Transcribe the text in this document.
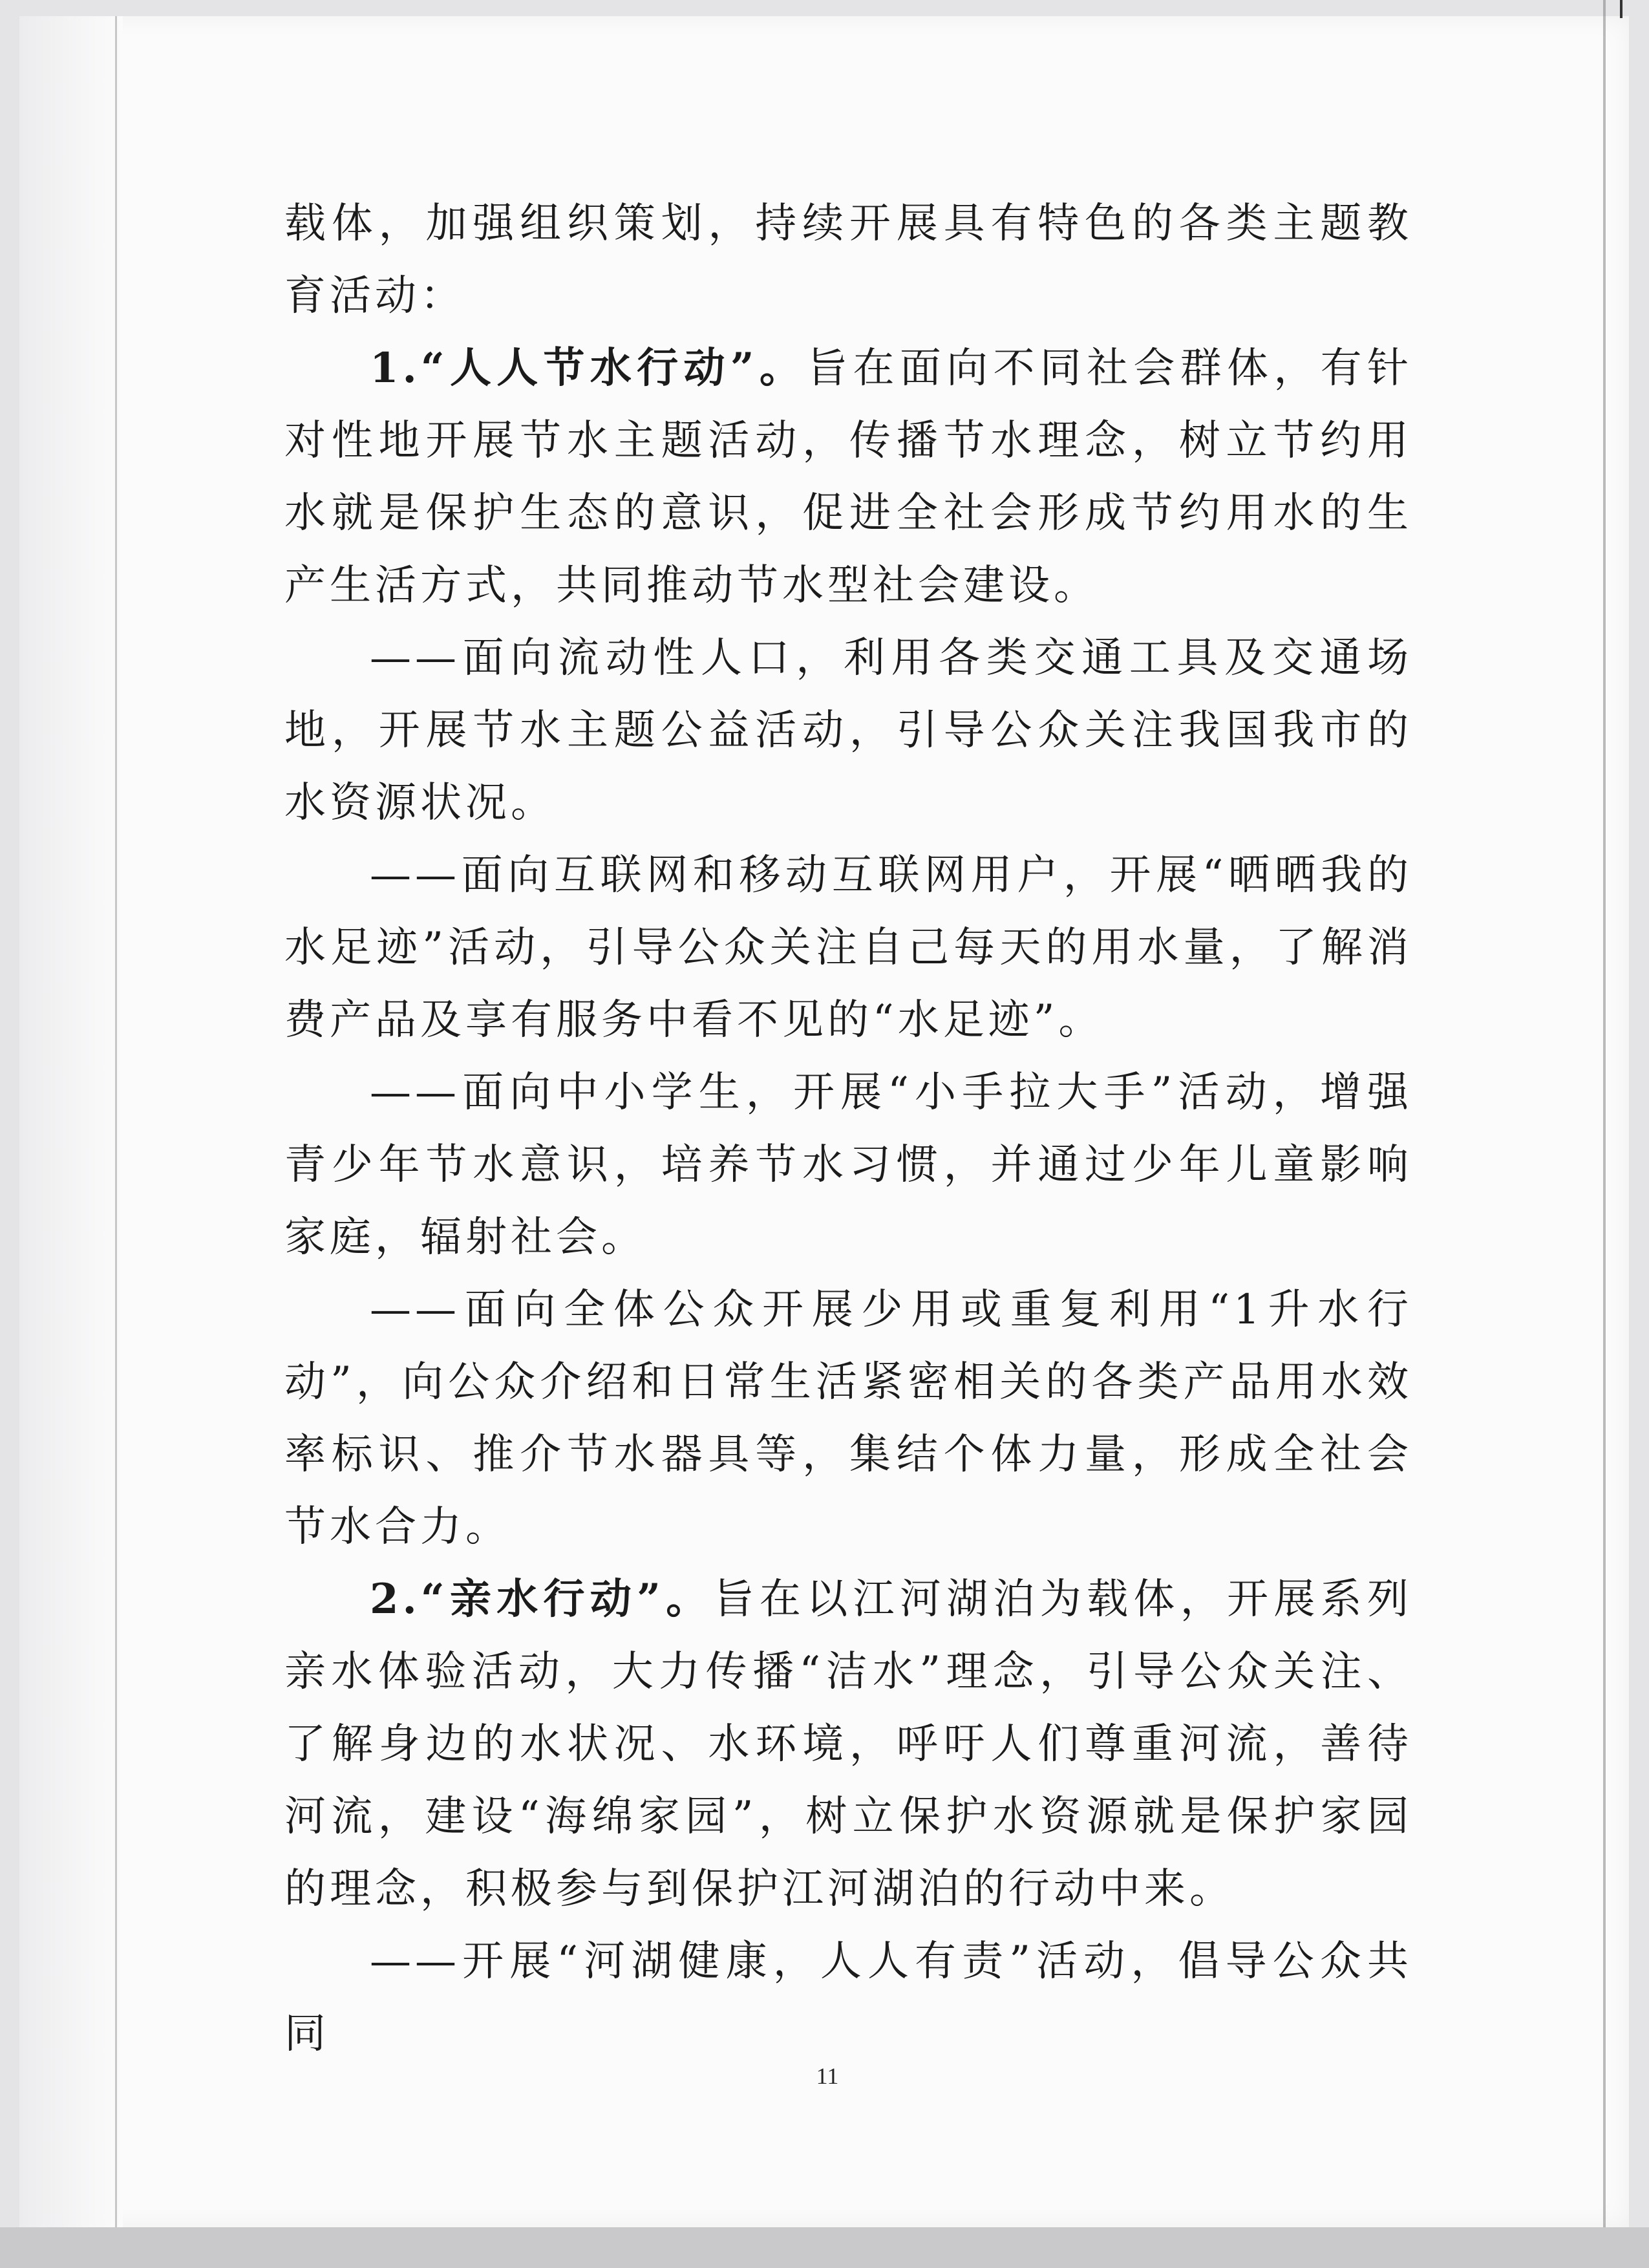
载体，加强组织策划，持续开展具有特色的各类主题教育活动：

1.“人人节水行动”。旨在面向不同社会群体，有针对性地开展节水主题活动，传播节水理念，树立节约用水就是保护生态的意识，促进全社会形成节约用水的生产生活方式，共同推动节水型社会建设。

——面向流动性人口，利用各类交通工具及交通场地，开展节水主题公益活动，引导公众关注我国我市的水资源状况。

——面向互联网和移动互联网用户，开展“晒晒我的水足迹”活动，引导公众关注自己每天的用水量，了解消费产品及享有服务中看不见的“水足迹”。

——面向中小学生，开展“小手拉大手”活动，增强青少年节水意识，培养节水习惯，并通过少年儿童影响家庭，辐射社会。

——面向全体公众开展少用或重复利用“1升水行动”，向公众介绍和日常生活紧密相关的各类产品用水效率标识、推介节水器具等，集结个体力量，形成全社会节水合力。

2.“亲水行动”。旨在以江河湖泊为载体，开展系列亲水体验活动，大力传播“洁水”理念，引导公众关注、了解身边的水状况、水环境，呼吁人们尊重河流，善待河流，建设“海绵家园”，树立保护水资源就是保护家园的理念，积极参与到保护江河湖泊的行动中来。

——开展“河湖健康，人人有责”活动，倡导公众共同

11
